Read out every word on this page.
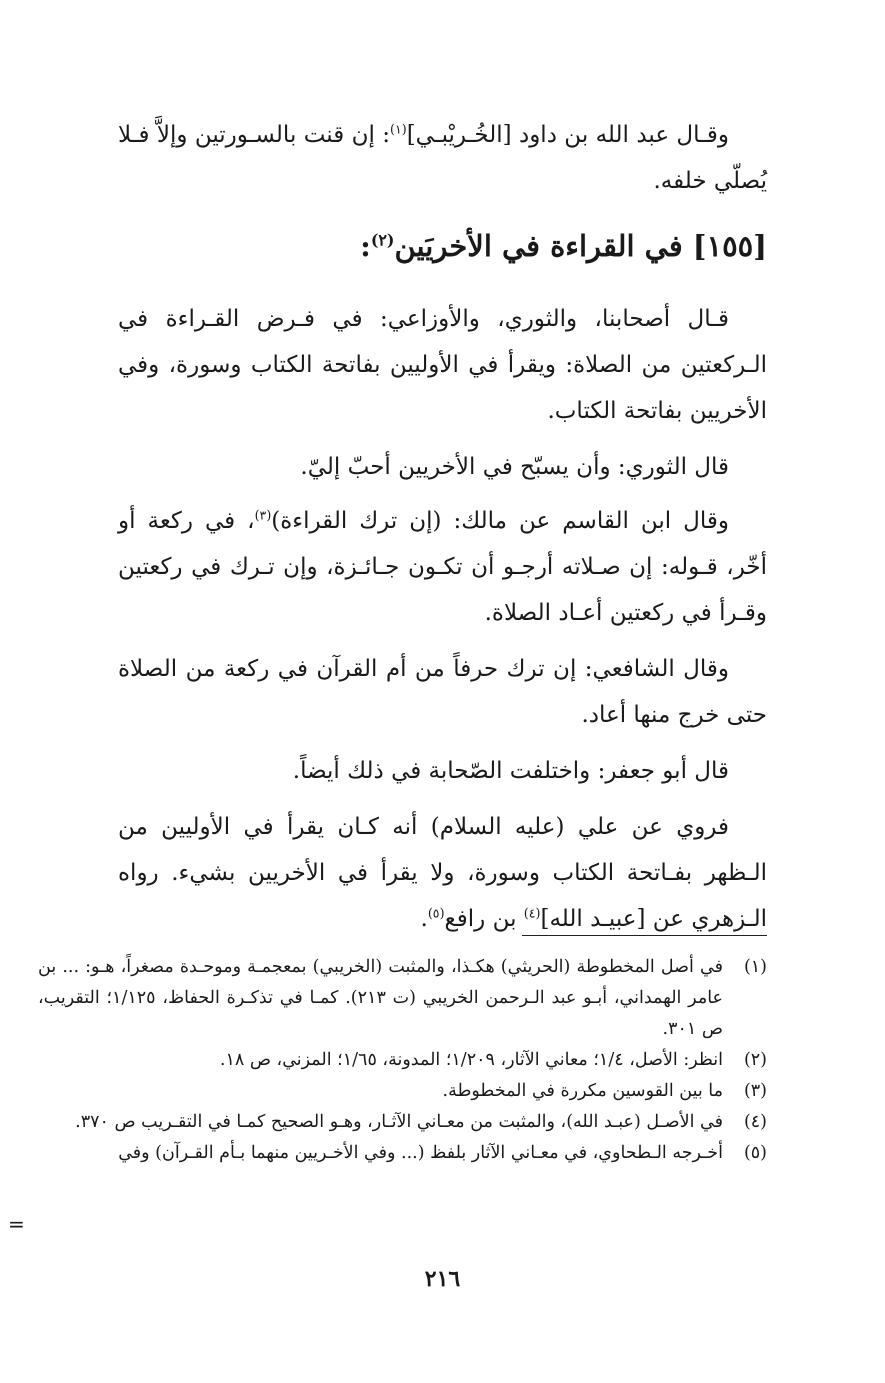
وقـال عبد الله بن داود [الخُـريْبـي]$^{(١)}$: إن قنت بالسـورتين وإلاَّ فـلا يُصلّي خلفه.

[١٥٥] في القراءة في الأخريَين$^{(٢)}$:

قـال أصحابنا، والثوري، والأوزاعي: في فـرض القـراءة في الـركعتين من الصلاة: ويقرأ في الأوليين بفاتحة الكتاب وسورة، وفي الأخريين بفاتحة الكتاب.

قال الثوري: وأن يسبّح في الأخريين أحبّ إليّ.

وقال ابن القاسم عن مالك: (إن ترك القراءة)$^{(٣)}$، في ركعة أو أخّر، قـوله: إن صـلاته أرجـو أن تكـون جـائـزة، وإن تـرك في ركعتين وقـرأ في ركعتين أعـاد الصلاة.

وقال الشافعي: إن ترك حرفاً من أم القرآن في ركعة من الصلاة حتى خرج منها أعاد.

قال أبو جعفر: واختلفت الصّحابة في ذلك أيضاً.

فروي عن علي (عليه السلام) أنه كـان يقرأ في الأوليين من الـظهر بفـاتحة الكتاب وسورة، ولا يقرأ في الأخريين بشيء. رواه الـزهري عن [عبيـد الله]$^{(٤)}$ بن رافع$^{(٥)}$.

(١)
في أصل المخطوطة (الحريثي) هكـذا، والمثبت (الخريبي) بمعجمـة وموحـدة مصغراً، هـو: ... بن عامر الهمداني، أبـو عبد الـرحمن الخريبي (ت ٢١٣). كمـا في تذكـرة الحفاظ، ١/١٢٥؛ التقريب، ص ٣٠١.
(٢)
انظر: الأصل، ١/٤؛ معاني الآثار، ١/٢٠٩؛ المدونة، ١/٦٥؛ المزني، ص ١٨.
(٣)
ما بين القوسين مكررة في المخطوطة.
(٤)
في الأصـل (عبـد الله)، والمثبت من معـاني الآثـار، وهـو الصحيح كمـا في التقـريب ص ٣٧٠.
(٥)
أخـرجه الـطحاوي، في معـاني الآثار بلفظ (... وفي الأخـريين منهما بـأم القـرآن) وفي
=
٢١٦
